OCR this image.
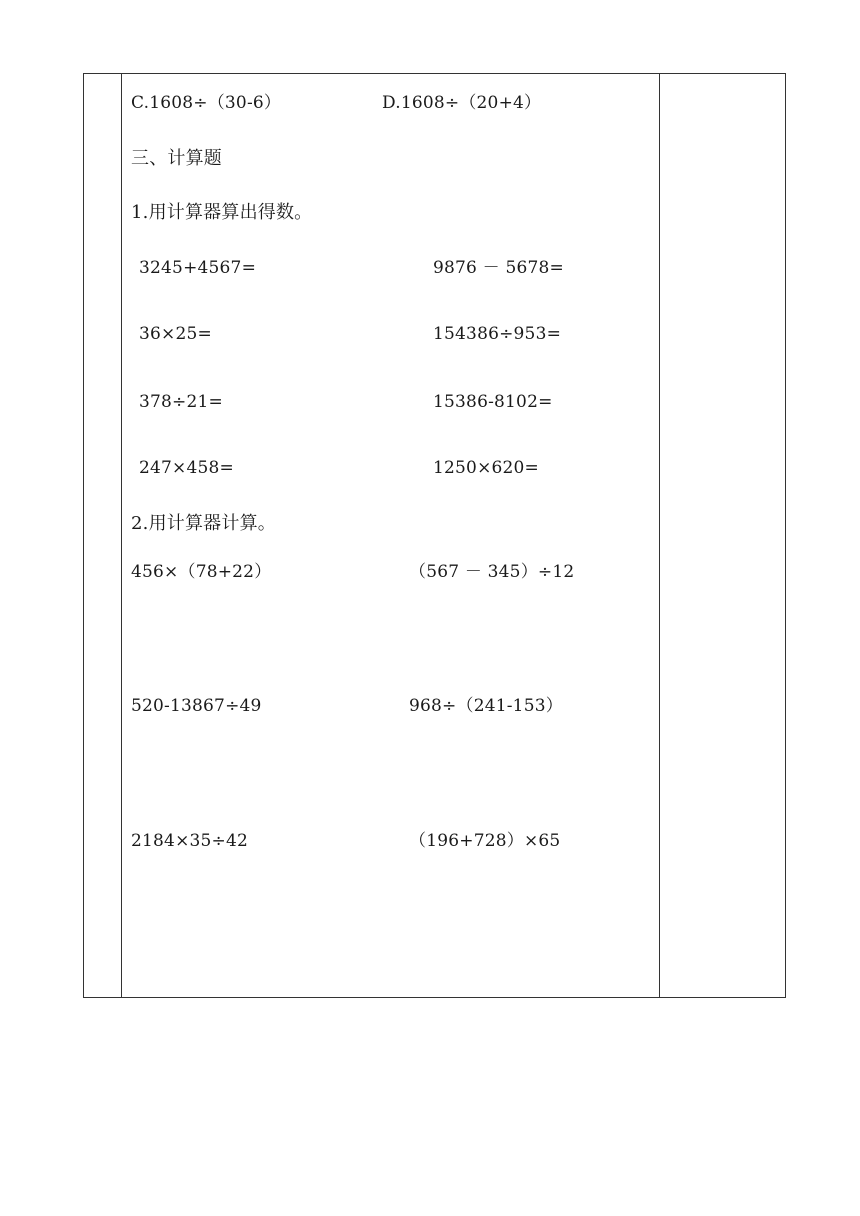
C.1608÷（30-6）	D.1608÷（20+4）
三、计算题
1.用计算器算出得数。
3245+4567=	9876 － 5678=
36×25=	154386÷953=
378÷21=	15386-8102=
247×458=	1250×620=
2.用计算器计算。
456×（78+22）	（567 － 345）÷12
520-13867÷49	968÷（241-153）
2184×35÷42	（196+728）×65
